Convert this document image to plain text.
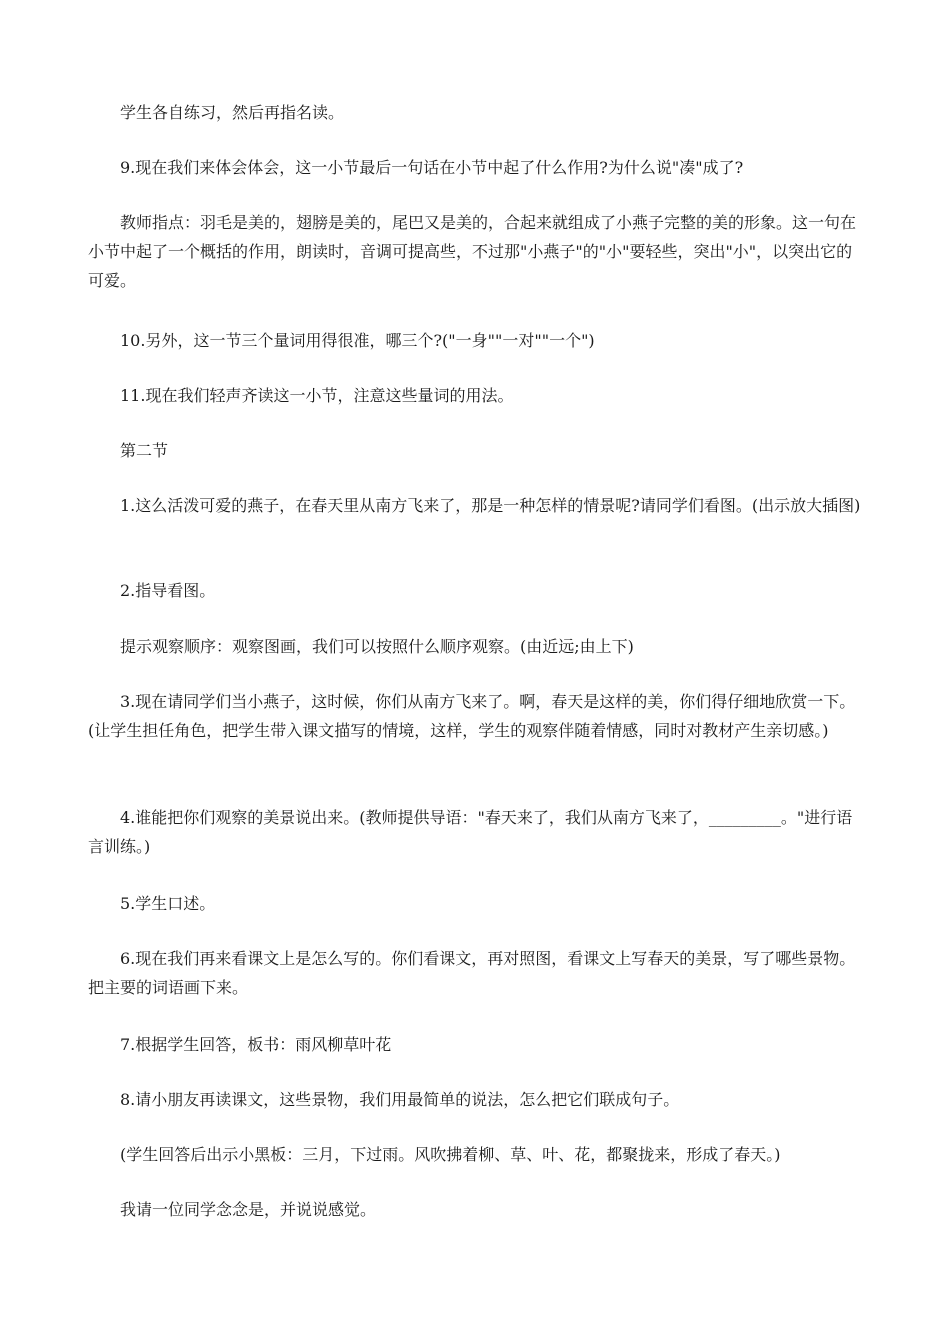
学生各自练习，然后再指名读。

9.现在我们来体会体会，这一小节最后一句话在小节中起了什么作用?为什么说"凑"成了?

教师指点：羽毛是美的，翅膀是美的，尾巴又是美的，合起来就组成了小燕子完整的美的形象。这一句在小节中起了一个概括的作用，朗读时，音调可提高些，不过那"小燕子"的"小"要轻些，突出"小"，以突出它的可爱。

10.另外，这一节三个量词用得很准，哪三个?("一身""一对""一个")

11.现在我们轻声齐读这一小节，注意这些量词的用法。

第二节

1.这么活泼可爱的燕子，在春天里从南方飞来了，那是一种怎样的情景呢?请同学们看图。(出示放大插图)

2.指导看图。

提示观察顺序：观察图画，我们可以按照什么顺序观察。(由近远;由上下)

3.现在请同学们当小燕子，这时候，你们从南方飞来了。啊，春天是这样的美，你们得仔细地欣赏一下。(让学生担任角色，把学生带入课文描写的情境，这样，学生的观察伴随着情感，同时对教材产生亲切感。)

4.谁能把你们观察的美景说出来。(教师提供导语："春天来了，我们从南方飞来了，_________。"进行语言训练。)

5.学生口述。

6.现在我们再来看课文上是怎么写的。你们看课文，再对照图，看课文上写春天的美景，写了哪些景物。把主要的词语画下来。

7.根据学生回答，板书：雨风柳草叶花

8.请小朋友再读课文，这些景物，我们用最简单的说法，怎么把它们联成句子。

(学生回答后出示小黑板：三月，下过雨。风吹拂着柳、草、叶、花，都聚拢来，形成了春天。)

我请一位同学念念是，并说说感觉。
